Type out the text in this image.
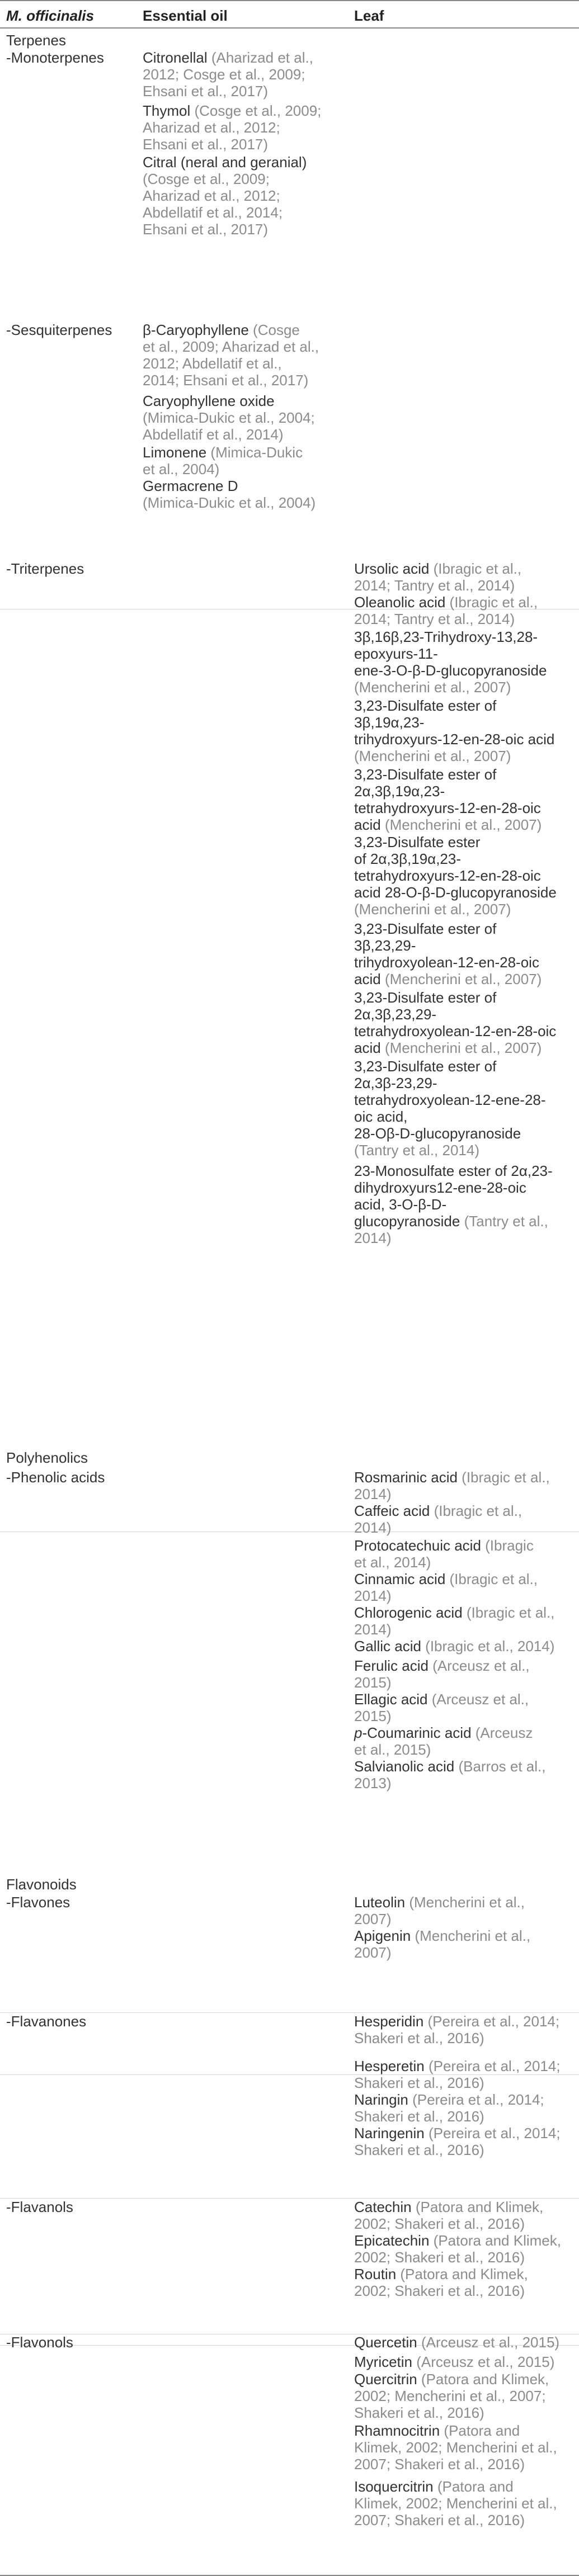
M. officinalis	Essential oil	Leaf
Terpenes
-Monoterpenes
-Sesquiterpenes
-Triterpenes
Polyhenolics
-Phenolic acids
Flavonoids
-Flavones
-Flavanones
-Flavanols
-Flavonols
Citronellal (Aharizad et al.,
2012; Cosge et al., 2009;
Ehsani et al., 2017)
Thymol (Cosge et al., 2009;
Aharizad et al., 2012;
Ehsani et al., 2017)
Citral (neral and geranial)
(Cosge et al., 2009;
Aharizad et al., 2012;
Abdellatif et al., 2014;
Ehsani et al., 2017)
β-Caryophyllene (Cosge
et al., 2009; Aharizad et al.,
2012; Abdellatif et al.,
2014; Ehsani et al., 2017)
Caryophyllene oxide
(Mimica-Dukic et al., 2004;
Abdellatif et al., 2014)
Limonene (Mimica-Dukic
et al., 2004)
Germacrene D
(Mimica-Dukic et al., 2004)
Ursolic acid (Ibragic et al.,
2014; Tantry et al., 2014)
Oleanolic acid (Ibragic et al.,
2014; Tantry et al., 2014)
3β,16β,23-Trihydroxy-13,28-
epoxyurs-11-
ene-3-O-β-D-glucopyranoside
(Mencherini et al., 2007)
3,23-Disulfate ester of
3β,19α,23-
trihydroxyurs-12-en-28-oic acid
(Mencherini et al., 2007)
3,23-Disulfate ester of
2α,3β,19α,23-
tetrahydroxyurs-12-en-28-oic
acid (Mencherini et al., 2007)
3,23-Disulfate ester
of 2α,3β,19α,23-
tetrahydroxyurs-12-en-28-oic
acid 28-O-β-D-glucopyranoside
(Mencherini et al., 2007)
3,23-Disulfate ester of
3β,23,29-
trihydroxyolean-12-en-28-oic
acid (Mencherini et al., 2007)
3,23-Disulfate ester of
2α,3β,23,29-
tetrahydroxyolean-12-en-28-oic
acid (Mencherini et al., 2007)
3,23-Disulfate ester of
2α,3β-23,29-
tetrahydroxyolean-12-ene-28-
oic acid,
28-Oβ-D-glucopyranoside
(Tantry et al., 2014)
23-Monosulfate ester of 2α,23-
dihydroxyurs12-ene-28-oic
acid, 3-O-β-D-
glucopyranoside (Tantry et al.,
2014)
Rosmarinic acid (Ibragic et al.,
2014)
Caffeic acid (Ibragic et al.,
2014)
Protocatechuic acid (Ibragic
et al., 2014)
Cinnamic acid (Ibragic et al.,
2014)
Chlorogenic acid (Ibragic et al.,
2014)
Gallic acid (Ibragic et al., 2014)
Ferulic acid (Arceusz et al.,
2015)
Ellagic acid (Arceusz et al.,
2015)
p-Coumarinic acid (Arceusz
et al., 2015)
Salvianolic acid (Barros et al.,
2013)
Luteolin (Mencherini et al.,
2007)
Apigenin (Mencherini et al.,
2007)
Hesperidin (Pereira et al., 2014;
Shakeri et al., 2016)
Hesperetin (Pereira et al., 2014;
Shakeri et al., 2016)
Naringin (Pereira et al., 2014;
Shakeri et al., 2016)
Naringenin (Pereira et al., 2014;
Shakeri et al., 2016)
Catechin (Patora and Klimek,
2002; Shakeri et al., 2016)
Epicatechin (Patora and Klimek,
2002; Shakeri et al., 2016)
Routin (Patora and Klimek,
2002; Shakeri et al., 2016)
Quercetin (Arceusz et al., 2015)
Myricetin (Arceusz et al., 2015)
Quercitrin (Patora and Klimek,
2002; Mencherini et al., 2007;
Shakeri et al., 2016)
Rhamnocitrin (Patora and
Klimek, 2002; Mencherini et al.,
2007; Shakeri et al., 2016)
Isoquercitrin (Patora and
Klimek, 2002; Mencherini et al.,
2007; Shakeri et al., 2016)
